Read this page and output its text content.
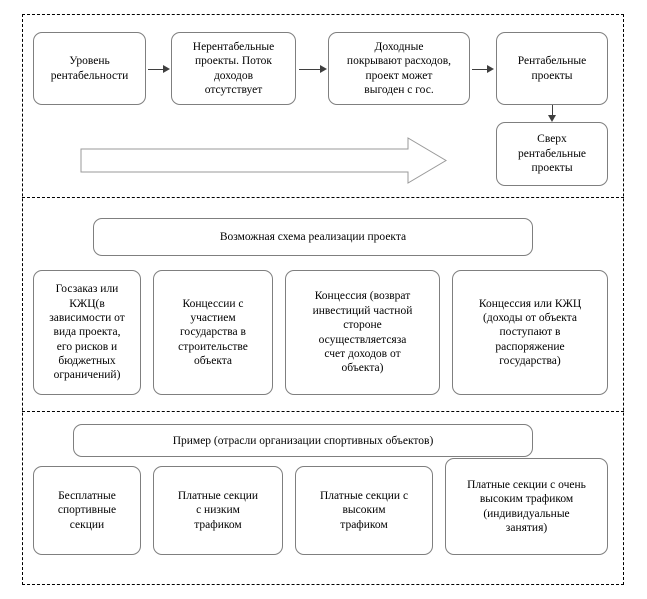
Уровень
рентабельности
Нерентабельные
проекты. Поток
доходов
отсутствует
Доходные
покрывают расходов,
проект может
выгоден с гос.
Рентабельные
проекты
Сверх
рентабельные
проекты
Возможная схема реализации проекта
Госзаказ или
КЖЦ(в
зависимости от
вида проекта,
его рисков и
бюджетных
ограничений)
Концессии с
участием
государства в
строительстве
объекта
Концессия (возврат
инвестиций частной
стороне
осуществляетсяза
счет доходов от
объекта)
Концессия или КЖЦ
(доходы от объекта
поступают в
распоряжение
государства)
Пример (отрасли организации спортивных объектов)
Бесплатные
спортивные
секции
Платные секции
с низким
трафиком
Платные секции с
высоким
трафиком
Платные секции с очень
высоким трафиком
(индивидуальные
занятия)
